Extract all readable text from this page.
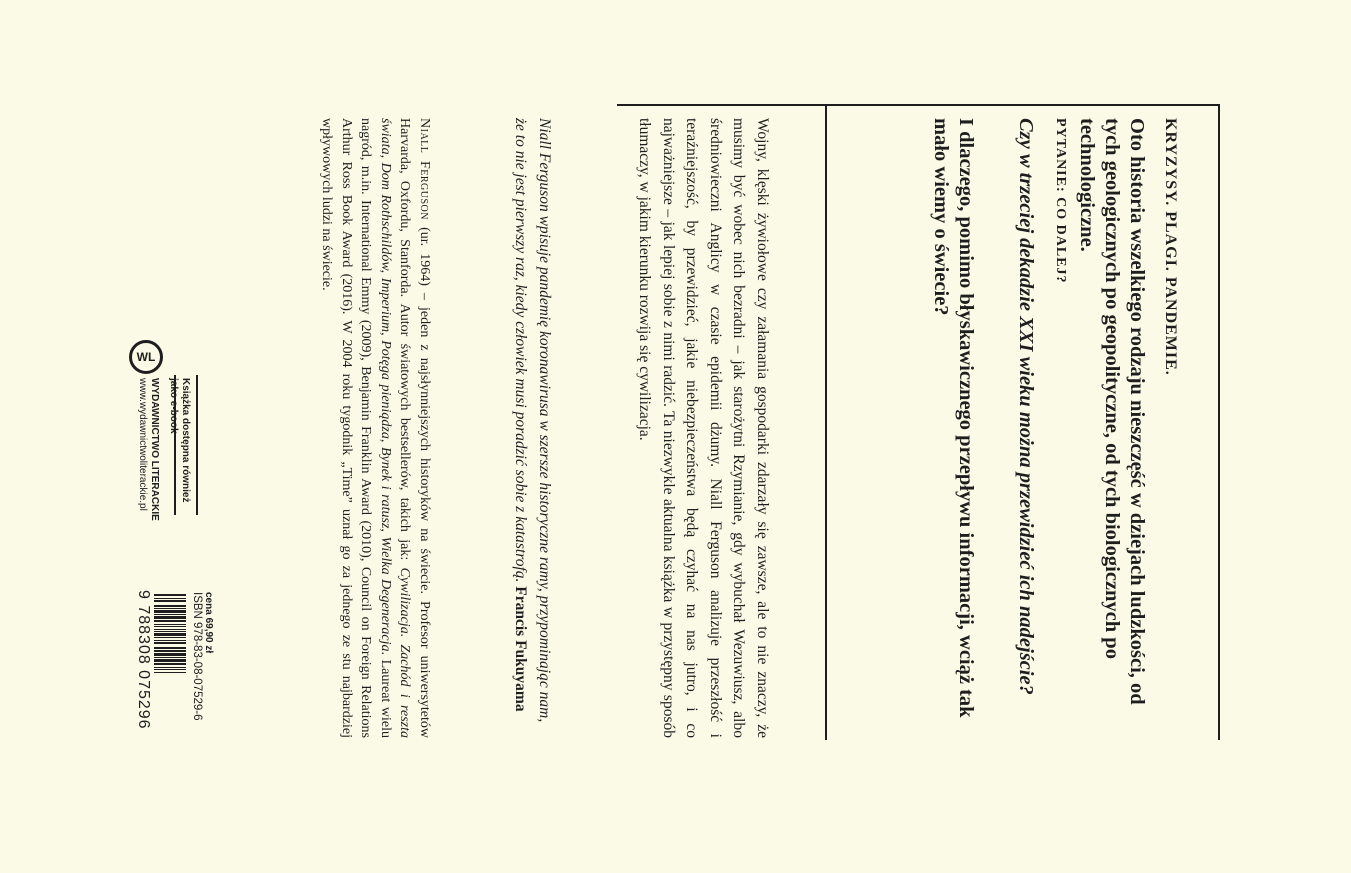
KRYZYSY. PLAGI. PANDEMIE.

Oto historia wszelkiego rodzaju nieszczęść w dziejach ludzkości, od tych geologicznych po geopolityczne, od tych biologicznych po technologiczne.

PYTANIE: CO DALEJ?

Czy w trzeciej dekadzie XXI wieku można przewidzieć ich nadejście?

I dlaczego, pomimo błyskawicznego przepływu informacji, wciąż tak mało wiemy o świecie?

Wojny, klęski żywiołowe czy załamania gospodarki zdarzały się zawsze, ale to nie znaczy, że musimy być wobec nich bezradni – jak starożytni Rzymianie, gdy wybuchał Wezuwiusz, albo średniowieczni Anglicy w czasie epidemii dżumy. Niall Ferguson analizuje przeszłość i teraźniejszość, by przewidzieć, jakie niebezpieczeństwa będą czyhać na nas jutro, i co najważniejsze – jak lepiej sobie z nimi radzić. Ta niezwykle aktualna książka w przystępny sposób tłumaczy, w jakim kierunku rozwija się cywilizacja.

Niall Ferguson wpisuje pandemię koronawirusa w szersze historyczne ramy, przypominając nam, że to nie jest pierwszy raz, kiedy człowiek musi poradzić sobie z katastrofą. Francis Fukuyama

Niall Ferguson (ur. 1964) – jeden z najsłynniejszych historyków na świecie. Profesor uniwersytetów Harvarda, Oxfordu, Stanforda. Autor światowych bestsellerów, takich jak: Cywilizacja. Zachód i reszta świata, Dom Rothschildów, Imperium, Potęga pieniądza, Bynek i ratusz, Wielka Degeneracja. Laureat wielu nagród, m.in. International Emmy (2009), Benjamin Franklin Award (2010), Council on Foreign Relations Arthur Ross Book Award (2016). W 2004 roku tygodnik „Time” uznał go za jednego ze stu najbardziej wpływowych ludzi na świecie.

Książka dostępna również jako e-book

WL

WYDAWNICTWO LITERACKIE

www.wydawnictwoliterackie.pl

cena 69,90 zł

ISBN 978-83-08-07529-6

9 788308 075296
